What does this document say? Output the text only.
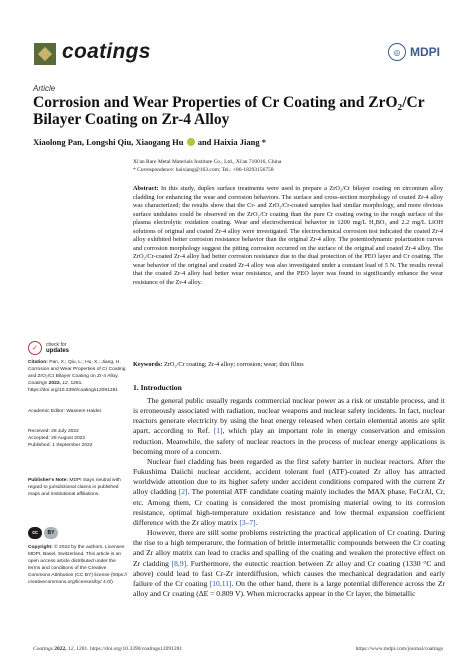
coatings	◎ MDPI
Article
Corrosion and Wear Properties of Cr Coating and ZrO₂/Cr Bilayer Coating on Zr-4 Alloy
Xiaolong Pan, Longshi Qiu, Xiaogang Hu and Haixia Jiang *
Xi'an Rare Metal Materials Institute Co., Ltd., Xi'an 710016, China
* Correspondence: haixiang@163.com; Tel.: +86-18293156758
Abstract: In this study, duplex surface treatments were used to prepare a ZrO₂/Cr bilayer coating on zirconium alloy cladding for enhancing the wear and corrosion behaviors. The surface and cross-section morphology of coated Zr-4 alloy was characterized; the results show that the Cr- and ZrO₂/Cr-coated samples had similar morphology, and more obvious surface undulates could be observed on the ZrO₂/Cr coating than the pure Cr coating owing to the rough surface of the plasma electrolytic oxidation coating. Wear and electrochemical behavior in 1200 mg/L H₃BO₃ and 2.2 mg/L LiOH solutions of original and coated Zr-4 alloy were investigated. The electrochemical corrosion test indicated the coated Zr-4 alloy exhibited better corrosion resistance behavior than the original Zr-4 alloy. The potentiodynamic polarization curves and corrosion morphology suggest the pitting corrosion occurred on the surface of the original and coated Zr-4 alloy. The ZrO₂/Cr-coated Zr-4 alloy had better corrosion resistance due to the dual protection of the PEO layer and Cr coating. The wear behavior of the original and coated Zr-4 alloy was also investigated under a constant load of 5 N. The results reveal that the coated Zr-4 alloy had better wear resistance, and the PEO layer was found to significantly enhance the wear resistance of the Zr-4 alloy.
Keywords: ZrO₂/Cr coating; Zr-4 alloy; corrosion; wear; thin films
✓	check for
updates
Citation: Pan, X.; Qiu, L.; Hu, X.; Jiang, H. Corrosion and Wear Properties of Cr Coating and ZrO₂/Cr Bilayer Coating on Zr-4 Alloy. Coatings 2022, 12, 1281. https://doi.org/10.3390/coatings12091281
Academic Editor: Waseem Haider
Received: 28 July 2022
Accepted: 28 August 2022
Published: 1 September 2022
Publisher's Note: MDPI stays neutral with regard to jurisdictional claims in published maps and institutional affiliations.
cc	BY
Copyright: © 2022 by the authors. Licensee MDPI, Basel, Switzerland. This article is an open access article distributed under the terms and conditions of the Creative Commons Attribution (CC BY) license (https:// creativecommons.org/licenses/by/ 4.0/).
1. Introduction

The general public usually regards commercial nuclear power as a risk or unstable process, and it is erroneously associated with radiation, nuclear weapons and nuclear safety incidents. In fact, nuclear reactors generate electricity by using the heat energy released when certain elemental atoms are split apart, according to Ref. [1], which play an important role in energy conservation and emission reduction. Meanwhile, the safety of nuclear reactors in the process of nuclear energy applications is becoming more of a concern.

Nuclear fuel cladding has been regarded as the first safety barrier in nuclear reactors. After the Fukushima Daiichi nuclear accident, accident tolerant fuel (ATF)-coated Zr alloy has attracted worldwide attention due to its higher safety under accident conditions compared with the current Zr alloy cladding [2]. The potential ATF candidate coating mainly includes the MAX phase, FeCrAl, Cr, etc. Among them, Cr coating is considered the most promising material owing to its corrosion resistance, optimal high-temperature oxidation resistance and low thermal expansion coefficient difference with the Zr alloy matrix [3–7].

However, there are still some problems restricting the practical application of Cr coating. During the rise to a high temperature, the formation of brittle intermetallic compounds between the Cr coating and Zr alloy matrix can lead to cracks and spalling of the coating and weaken the protective effect on Zr cladding [8,9]. Furthermore, the eutectic reaction between Zr alloy and Cr coating (1330 °C and above) could lead to fast Cr-Zr interdiffusion, which causes the mechanical degradation and early failure of the Cr coating [10,11]. On the other hand, there is a large potential difference across the Zr alloy and Cr coating (ΔE = 0.809 V). When microcracks appear in the Cr layer, the bimetallic

Coatings 2022, 12, 1281. https://doi.org/10.3390/coatings12091281	https://www.mdpi.com/journal/coatings
